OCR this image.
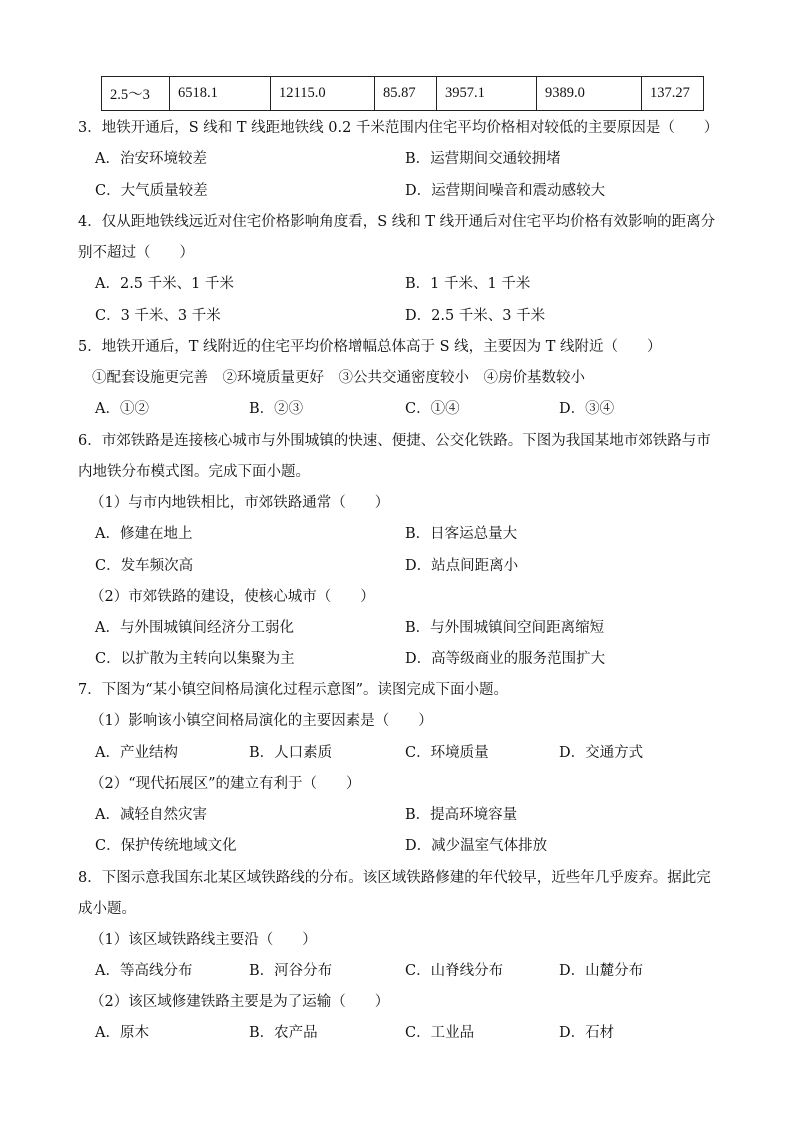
2.5～3	6518.1	12115.0	85.87	3957.1	9389.0	137.27
3．地铁开通后，S 线和 T 线距地铁线 0.2 千米范围内住宅平均价格相对较低的主要原因是（　　）
A．治安环境较差	B．运营期间交通较拥堵
C．大气质量较差	D．运营期间噪音和震动感较大
4．仅从距地铁线远近对住宅价格影响角度看，S 线和 T 线开通后对住宅平均价格有效影响的距离分
别不超过（　　）
A．2.5 千米、1 千米	B．1 千米、1 千米
C．3 千米、3 千米	D．2.5 千米、3 千米
5．地铁开通后，T 线附近的住宅平均价格增幅总体高于 S 线，主要因为 T 线附近（　　）
①配套设施更完善　②环境质量更好　③公共交通密度较小　④房价基数较小
A．①②	B．②③	C．①④	D．③④
6．市郊铁路是连接核心城市与外围城镇的快速、便捷、公交化铁路。下图为我国某地市郊铁路与市
内地铁分布模式图。完成下面小题。
（1）与市内地铁相比，市郊铁路通常（　　）
A．修建在地上	B．日客运总量大
C．发车频次高	D．站点间距离小
（2）市郊铁路的建设，使核心城市（　　）
A．与外围城镇间经济分工弱化	B．与外围城镇间空间距离缩短
C．以扩散为主转向以集聚为主	D．高等级商业的服务范围扩大
7．下图为“某小镇空间格局演化过程示意图”。读图完成下面小题。
（1）影响该小镇空间格局演化的主要因素是（　　）
A．产业结构	B．人口素质	C．环境质量	D．交通方式
（2）“现代拓展区”的建立有利于（　　）
A．减轻自然灾害	B．提高环境容量
C．保护传统地域文化	D．减少温室气体排放
8．下图示意我国东北某区域铁路线的分布。该区域铁路修建的年代较早，近些年几乎废弃。据此完
成小题。
（1）该区域铁路线主要沿（　　）
A．等高线分布	B．河谷分布	C．山脊线分布	D．山麓分布
（2）该区域修建铁路主要是为了运输（　　）
A．原木	B．农产品	C．工业品	D．石材
